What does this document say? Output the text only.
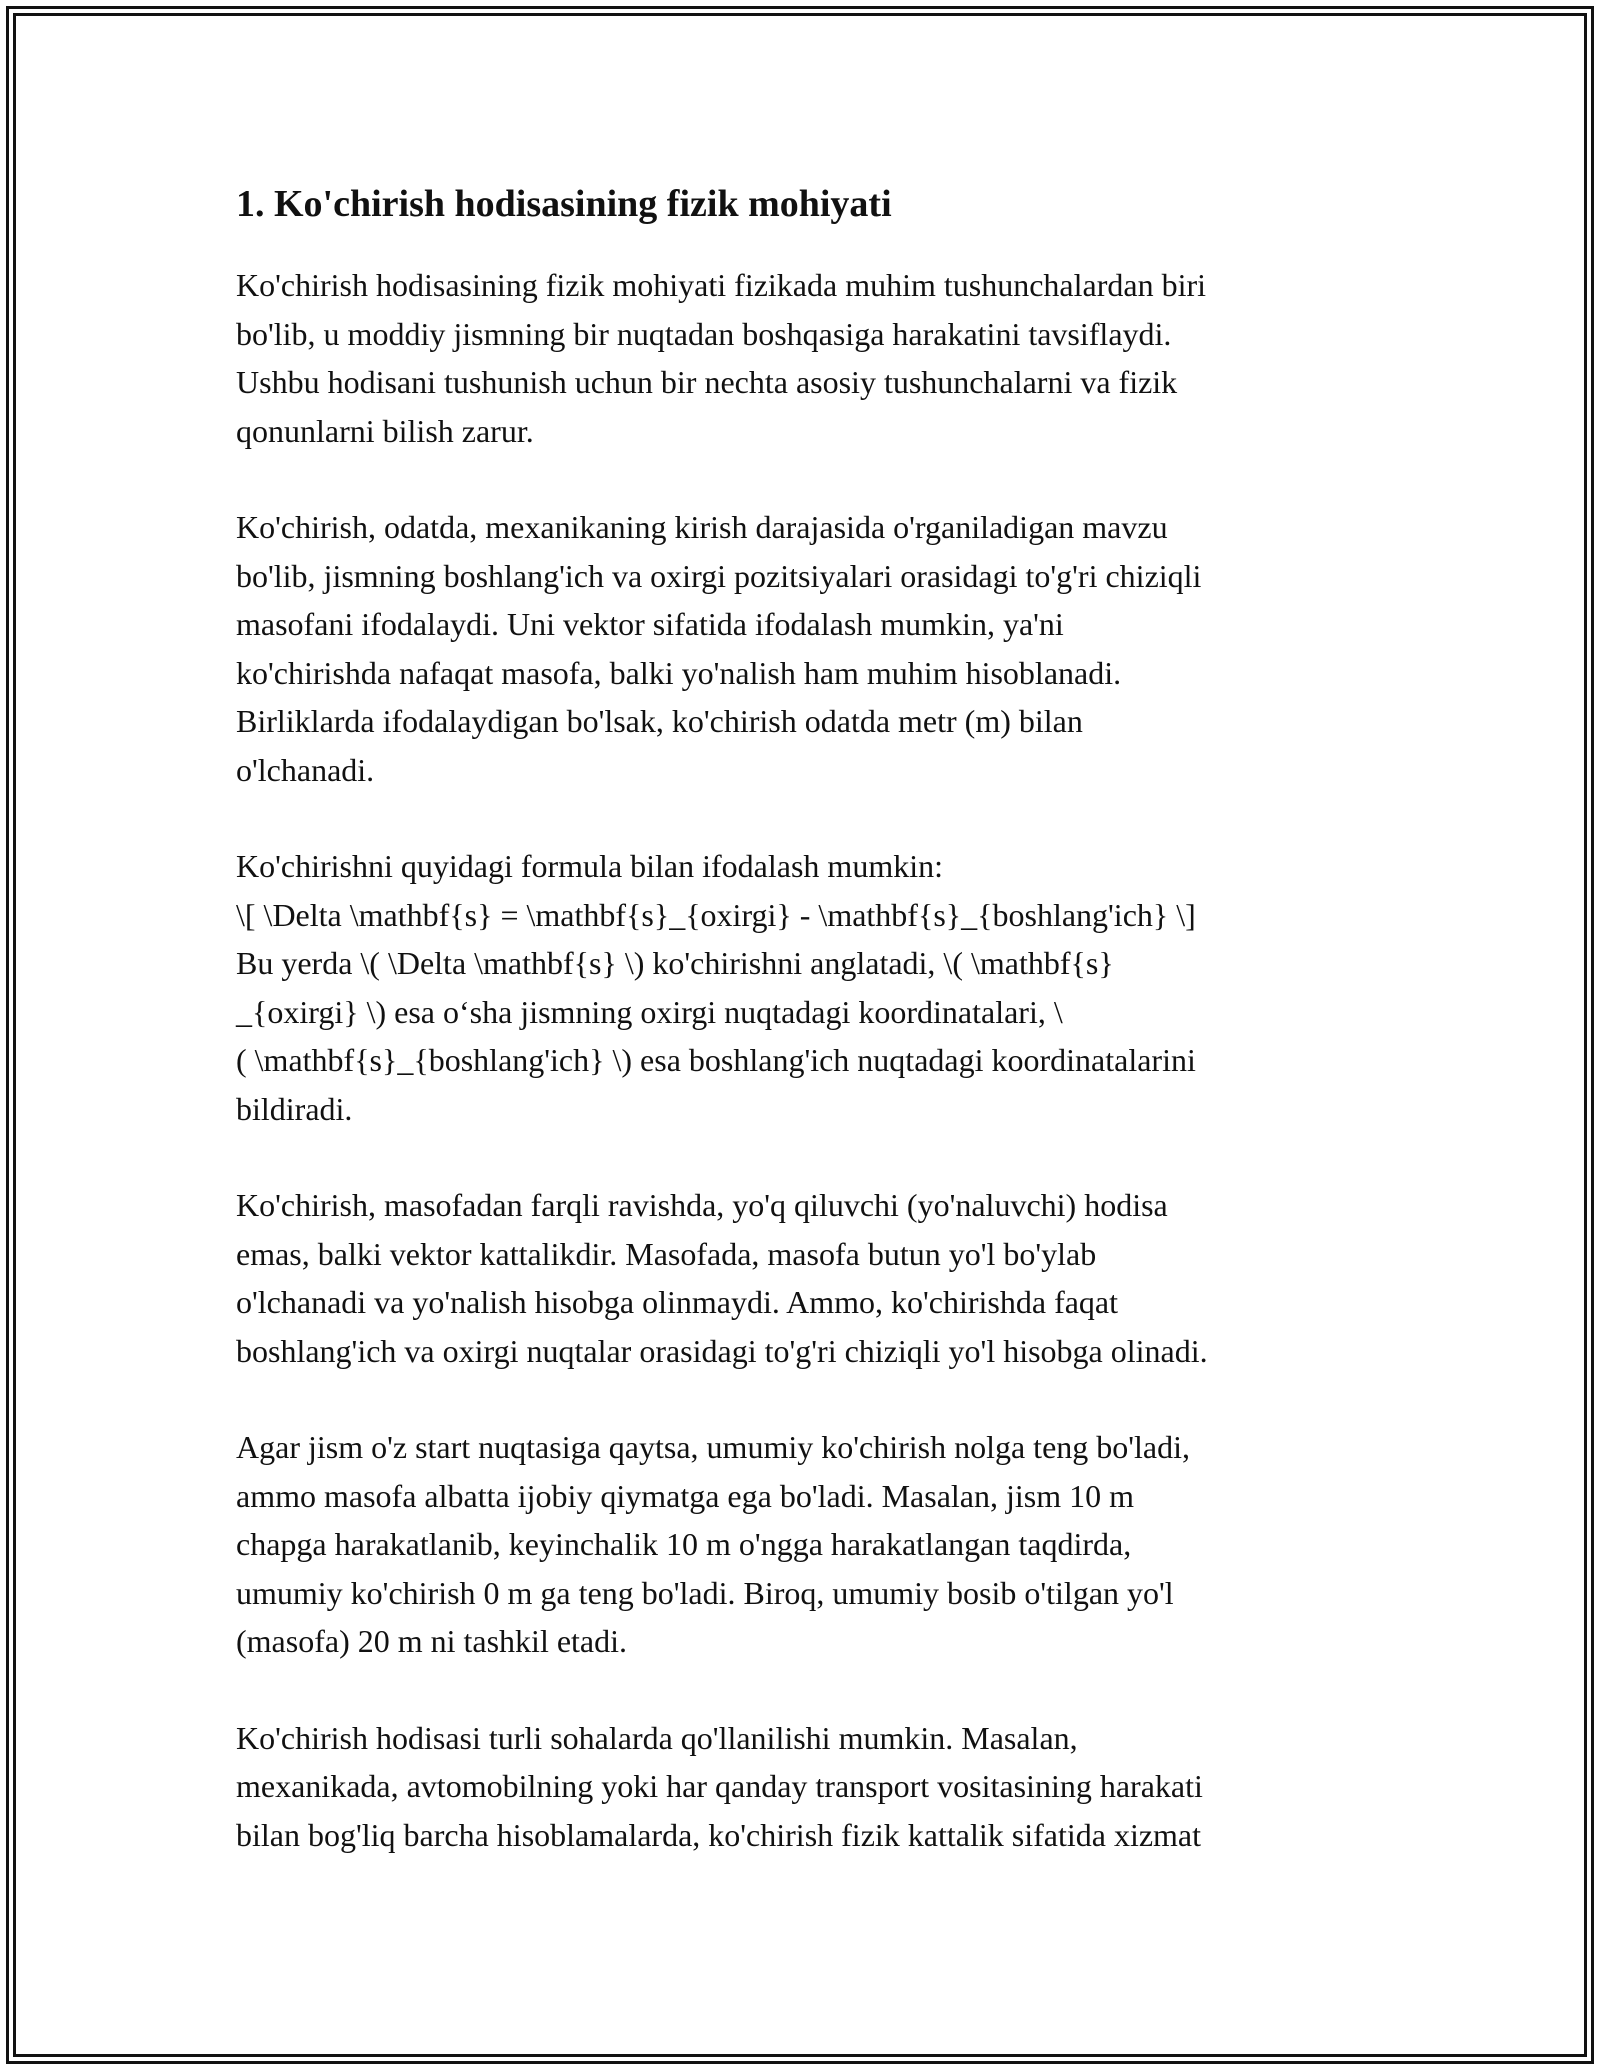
1. Ko'chirish hodisasining fizik mohiyati

Ko'chirish hodisasining fizik mohiyati fizikada muhim tushunchalardan biri
bo'lib, u moddiy jismning bir nuqtadan boshqasiga harakatini tavsiflaydi.
Ushbu hodisani tushunish uchun bir nechta asosiy tushunchalarni va fizik
qonunlarni bilish zarur.

Ko'chirish, odatda, mexanikaning kirish darajasida o'rganiladigan mavzu
bo'lib, jismning boshlang'ich va oxirgi pozitsiyalari orasidagi to'g'ri chiziqli
masofani ifodalaydi. Uni vektor sifatida ifodalash mumkin, ya'ni
ko'chirishda nafaqat masofa, balki yo'nalish ham muhim hisoblanadi.
Birliklarda ifodalaydigan bo'lsak, ko'chirish odatda metr (m) bilan
o'lchanadi.

Ko'chirishni quyidagi formula bilan ifodalash mumkin:
\[ \Delta \mathbf{s} = \mathbf{s}_{oxirgi} - \mathbf{s}_{boshlang'ich} \]
Bu yerda \( \Delta \mathbf{s} \) ko'chirishni anglatadi, \( \mathbf{s}
_{oxirgi} \) esa o‘sha jismning oxirgi nuqtadagi koordinatalari, \
( \mathbf{s}_{boshlang'ich} \) esa boshlang'ich nuqtadagi koordinatalarini
bildiradi.

Ko'chirish, masofadan farqli ravishda, yo'q qiluvchi (yo'naluvchi) hodisa
emas, balki vektor kattalikdir. Masofada, masofa butun yo'l bo'ylab
o'lchanadi va yo'nalish hisobga olinmaydi. Ammo, ko'chirishda faqat
boshlang'ich va oxirgi nuqtalar orasidagi to'g'ri chiziqli yo'l hisobga olinadi.

Agar jism o'z start nuqtasiga qaytsa, umumiy ko'chirish nolga teng bo'ladi,
ammo masofa albatta ijobiy qiymatga ega bo'ladi. Masalan, jism 10 m
chapga harakatlanib, keyinchalik 10 m o'ngga harakatlangan taqdirda,
umumiy ko'chirish 0 m ga teng bo'ladi. Biroq, umumiy bosib o'tilgan yo'l
(masofa) 20 m ni tashkil etadi.

Ko'chirish hodisasi turli sohalarda qo'llanilishi mumkin. Masalan,
mexanikada, avtomobilning yoki har qanday transport vositasining harakati
bilan bog'liq barcha hisoblamalarda, ko'chirish fizik kattalik sifatida xizmat
